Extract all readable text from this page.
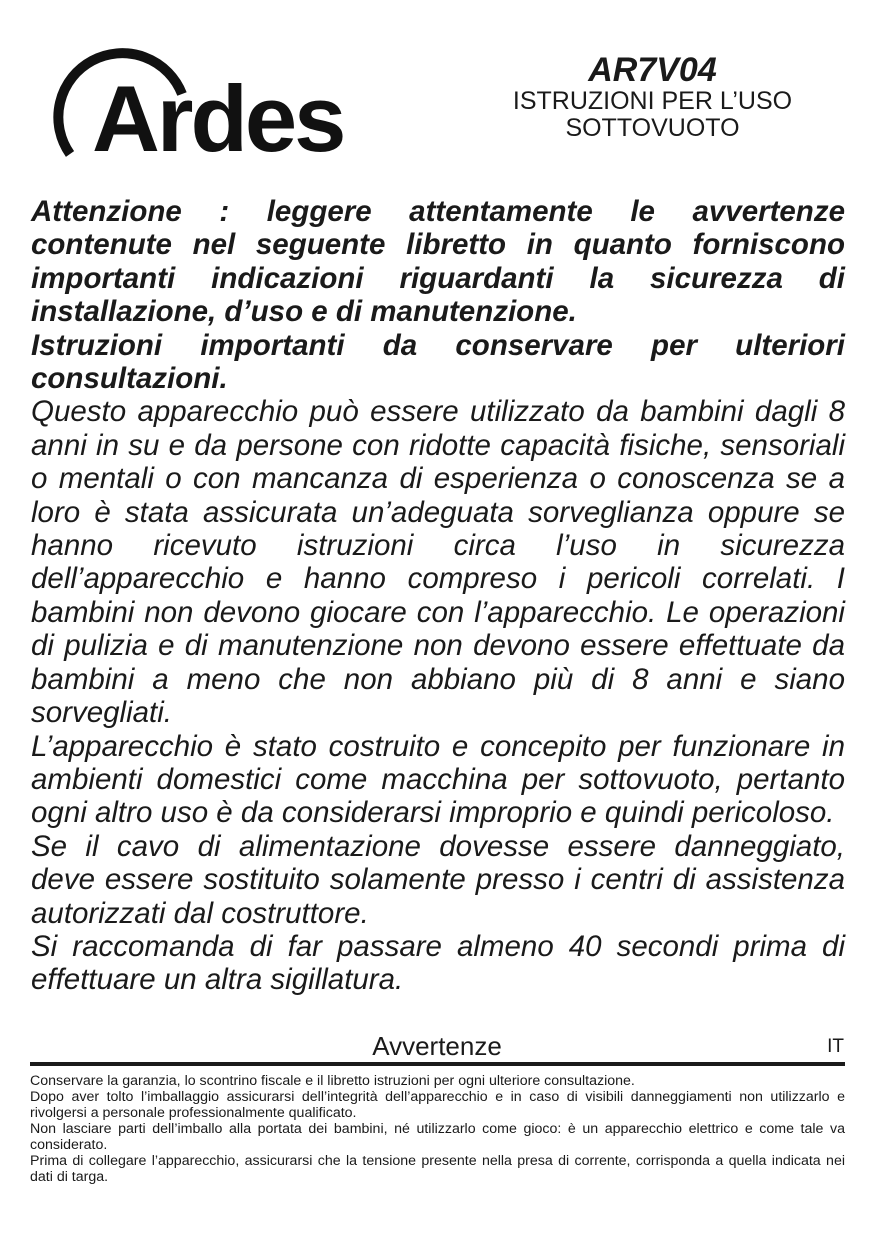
Ardes	AR7V04
ISTRUZIONI PER L’USO
SOTTOVUOTO

Attenzione : leggere attentamente le avvertenze contenute nel seguente libretto in quanto forniscono importanti indicazioni riguardanti la sicurezza di installazione, d’uso e di manutenzione.

Istruzioni importanti da conservare per ulteriori consultazioni.

Questo apparecchio può essere utilizzato da bambini dagli 8 anni in su e da persone con ridotte capacità fisiche, sensoriali o mentali o con mancanza di esperienza o conoscenza se a loro è stata assicurata un’adeguata sorveglianza oppure se hanno ricevuto istruzioni circa l’uso in sicurezza dell’apparecchio e hanno compreso i pericoli correlati. I bambini non devono giocare con l’apparecchio. Le operazioni di pulizia e di manutenzione non devono essere effettuate da bambini a meno che non abbiano più di 8 anni e siano sorvegliati.

L’apparecchio è stato costruito e concepito per funzionare in ambienti domestici come macchina per sottovuoto, pertanto ogni altro uso è da considerarsi improprio e quindi pericoloso.

Se il cavo di alimentazione dovesse essere danneggiato, deve essere sostituito solamente presso i centri di assistenza autorizzati dal costruttore.

Si raccomanda di far passare almeno 40 secondi prima di effettuare un altra sigillatura.

Avvertenze	IT

Conservare la garanzia, lo scontrino fiscale e il libretto istruzioni per ogni ulteriore consultazione.

Dopo aver tolto l’imballaggio assicurarsi dell’integrità dell’apparecchio e in caso di visibili danneggiamenti non utilizzarlo e rivolgersi a personale professionalmente qualificato.

Non lasciare parti dell’imballo alla portata dei bambini, né utilizzarlo come gioco: è un apparecchio elettrico e come tale va considerato.

Prima di collegare l’apparecchio, assicurarsi che la tensione presente nella presa di corrente, corrisponda a quella indicata nei dati di targa.
